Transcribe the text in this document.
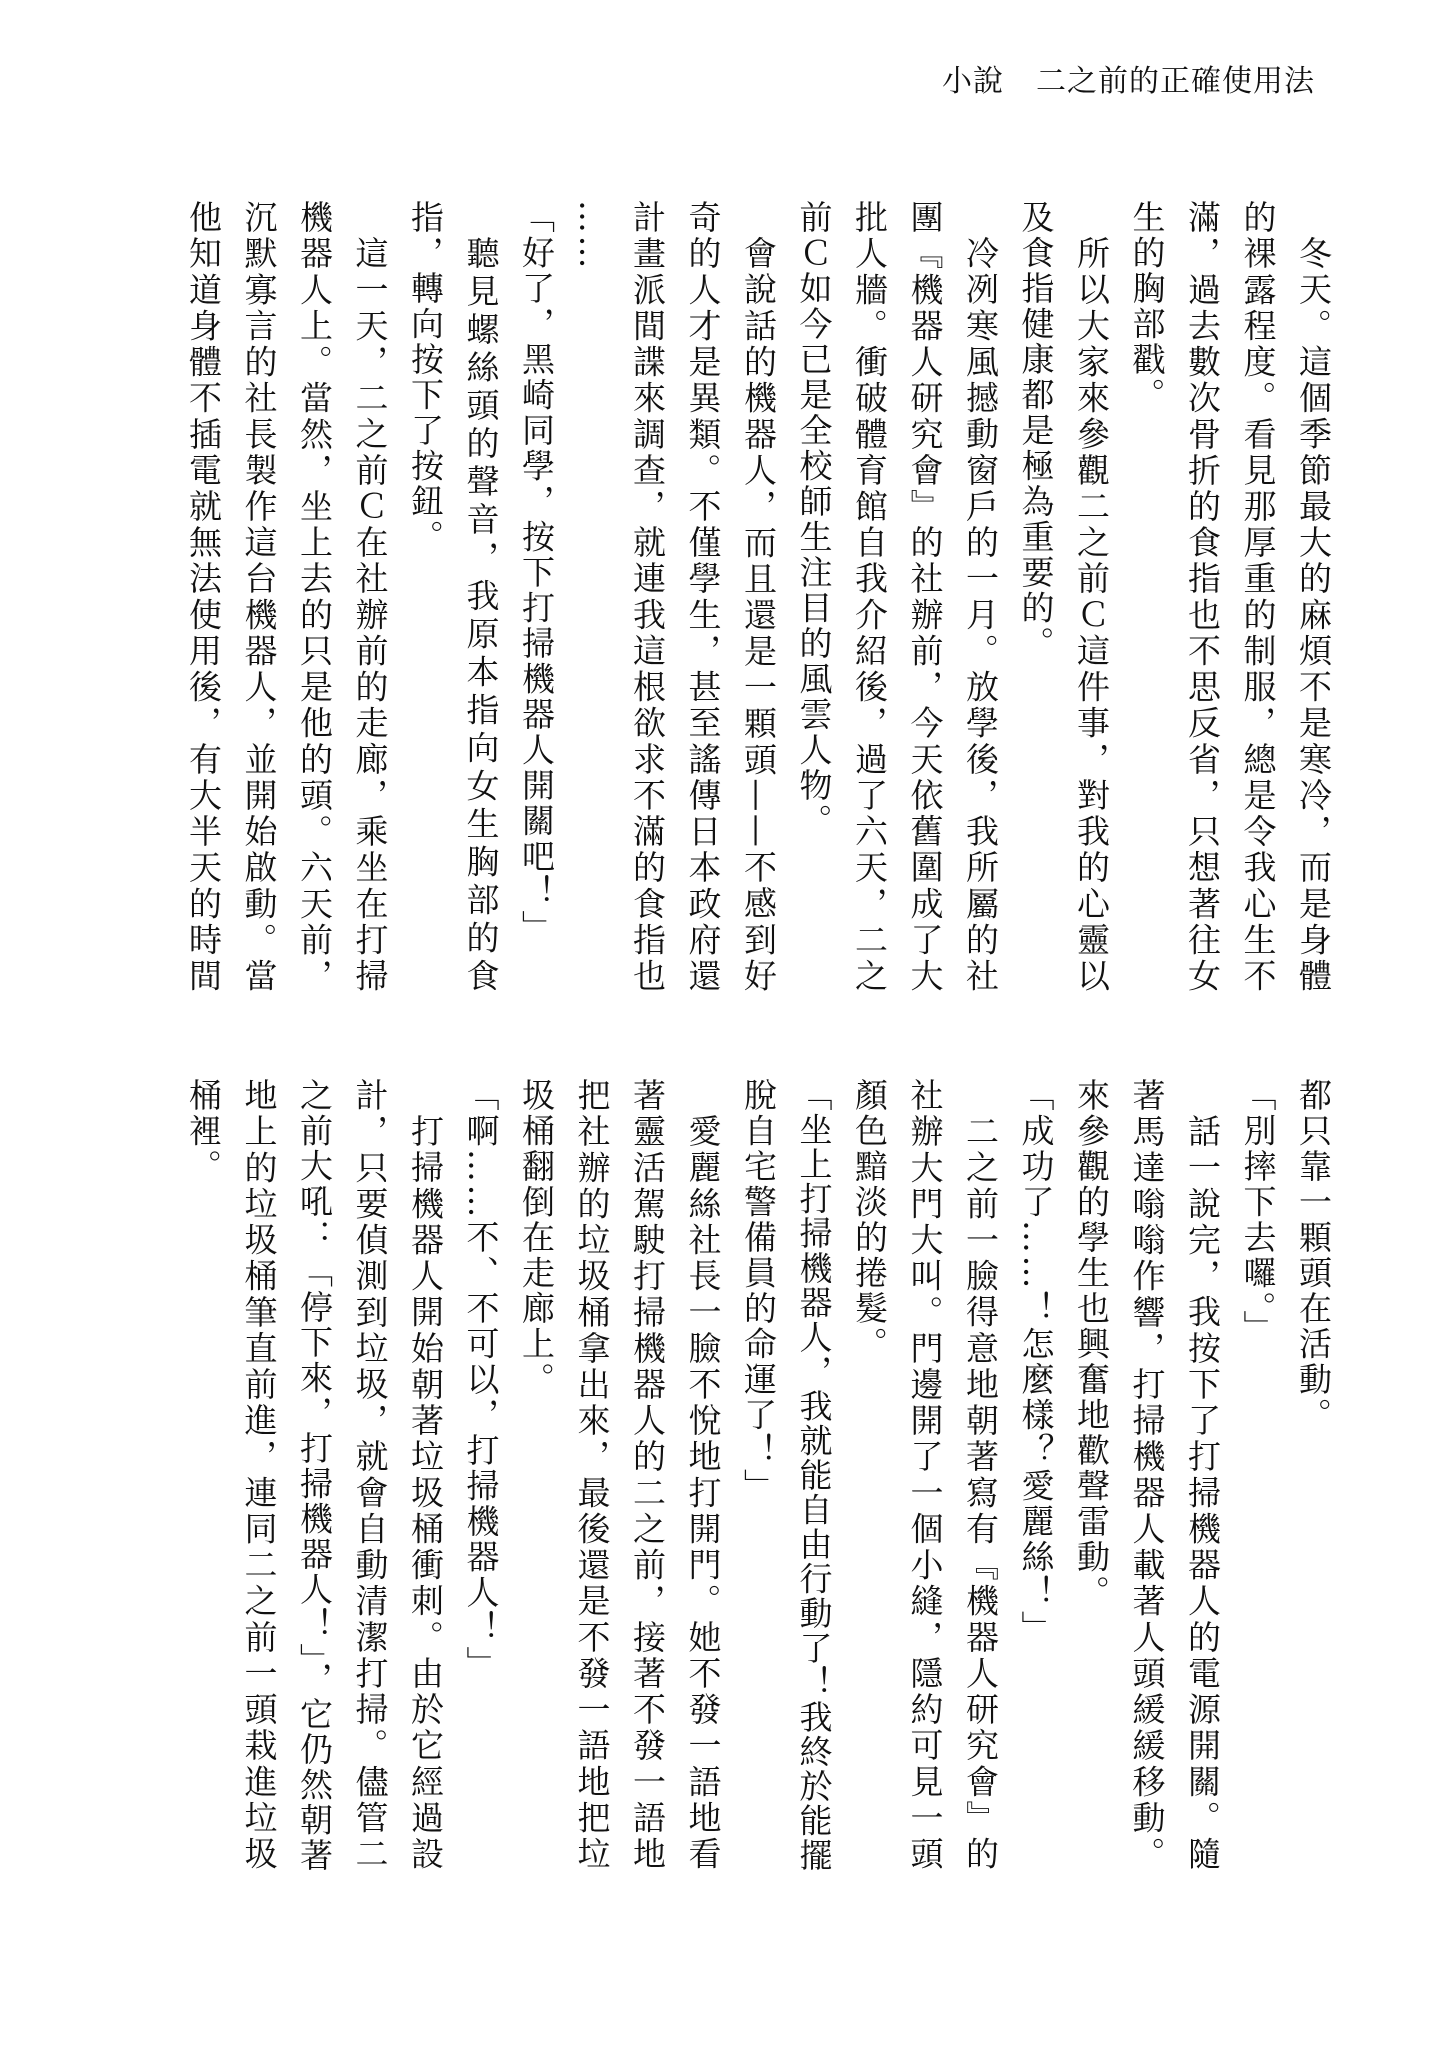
小說 二之前的正確使用法
冬天。這個季節最大的麻煩不是寒冷，而是身體
的裸露程度。看見那厚重的制服，總是令我心生不
滿，過去數次骨折的食指也不思反省，只想著往女
生的胸部戳。
所以大家來參觀二之前Ｃ這件事，對我的心靈以
及食指健康都是極為重要的。
冷冽寒風撼動窗戶的一月。放學後，我所屬的社
團『機器人研究會』的社辦前，今天依舊圍成了大
批人牆。衝破體育館自我介紹後，過了六天，二之
前Ｃ如今已是全校師生注目的風雲人物。
會說話的機器人，而且還是一顆頭——不感到好
奇的人才是異類。不僅學生，甚至謠傳日本政府還
計畫派間諜來調查，就連我這根欲求不滿的食指也
……
「好了，黑崎同學，按下打掃機器人開關吧！」
聽見螺絲頭的聲音，我原本指向女生胸部的食
指，轉向按下了按鈕。
這一天，二之前Ｃ在社辦前的走廊，乘坐在打掃
機器人上。當然，坐上去的只是他的頭。六天前，
沉默寡言的社長製作這台機器人，並開始啟動。當
他知道身體不插電就無法使用後，有大半天的時間
都只靠一顆頭在活動。
「別摔下去囉。」
話一說完，我按下了打掃機器人的電源開關。隨
著馬達嗡嗡作響，打掃機器人載著人頭緩緩移動。
來參觀的學生也興奮地歡聲雷動。
「成功了……！怎麼樣？愛麗絲！」
二之前一臉得意地朝著寫有『機器人研究會』的
社辦大門大叫。門邊開了一個小縫，隱約可見一頭
顏色黯淡的捲髮。
「坐上打掃機器人，我就能自由行動了！我終於能擺
脫自宅警備員的命運了！」
愛麗絲社長一臉不悅地打開門。她不發一語地看
著靈活駕駛打掃機器人的二之前，接著不發一語地
把社辦的垃圾桶拿出來，最後還是不發一語地把垃
圾桶翻倒在走廊上。
「啊……不、不可以，打掃機器人！」
打掃機器人開始朝著垃圾桶衝刺。由於它經過設
計，只要偵測到垃圾，就會自動清潔打掃。儘管二
之前大吼：「停下來，打掃機器人！」，它仍然朝著
地上的垃圾桶筆直前進，連同二之前一頭栽進垃圾
桶裡。
